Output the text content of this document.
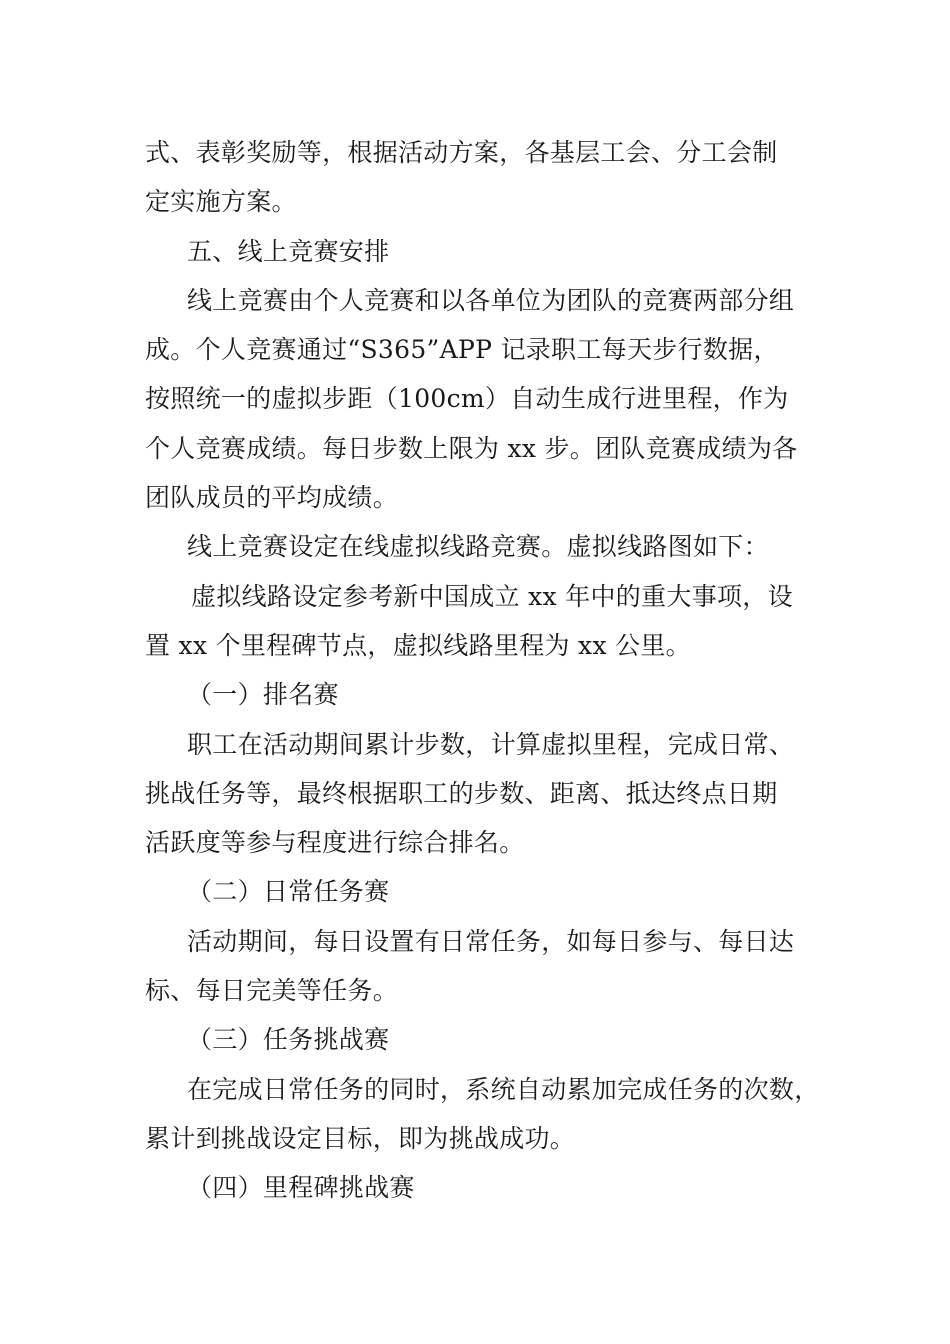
式、表彰奖励等，根据活动方案，各基层工会、分工会制
定实施方案。
五、线上竞赛安排
线上竞赛由个人竞赛和以各单位为团队的竞赛两部分组
成。个人竞赛通过“S365”APP 记录职工每天步行数据，
按照统一的虚拟步距（100cm）自动生成行进里程，作为
个人竞赛成绩。每日步数上限为 xx 步。团队竞赛成绩为各
团队成员的平均成绩。
线上竞赛设定在线虚拟线路竞赛。虚拟线路图如下：
虚拟线路设定参考新中国成立 xx 年中的重大事项，设
置 xx 个里程碑节点，虚拟线路里程为 xx 公里。
（一）排名赛
职工在活动期间累计步数，计算虚拟里程，完成日常、
挑战任务等，最终根据职工的步数、距离、抵达终点日期
活跃度等参与程度进行综合排名。
（二）日常任务赛
活动期间，每日设置有日常任务，如每日参与、每日达
标、每日完美等任务。
（三）任务挑战赛
在完成日常任务的同时，系统自动累加完成任务的次数，
累计到挑战设定目标，即为挑战成功。
（四）里程碑挑战赛
